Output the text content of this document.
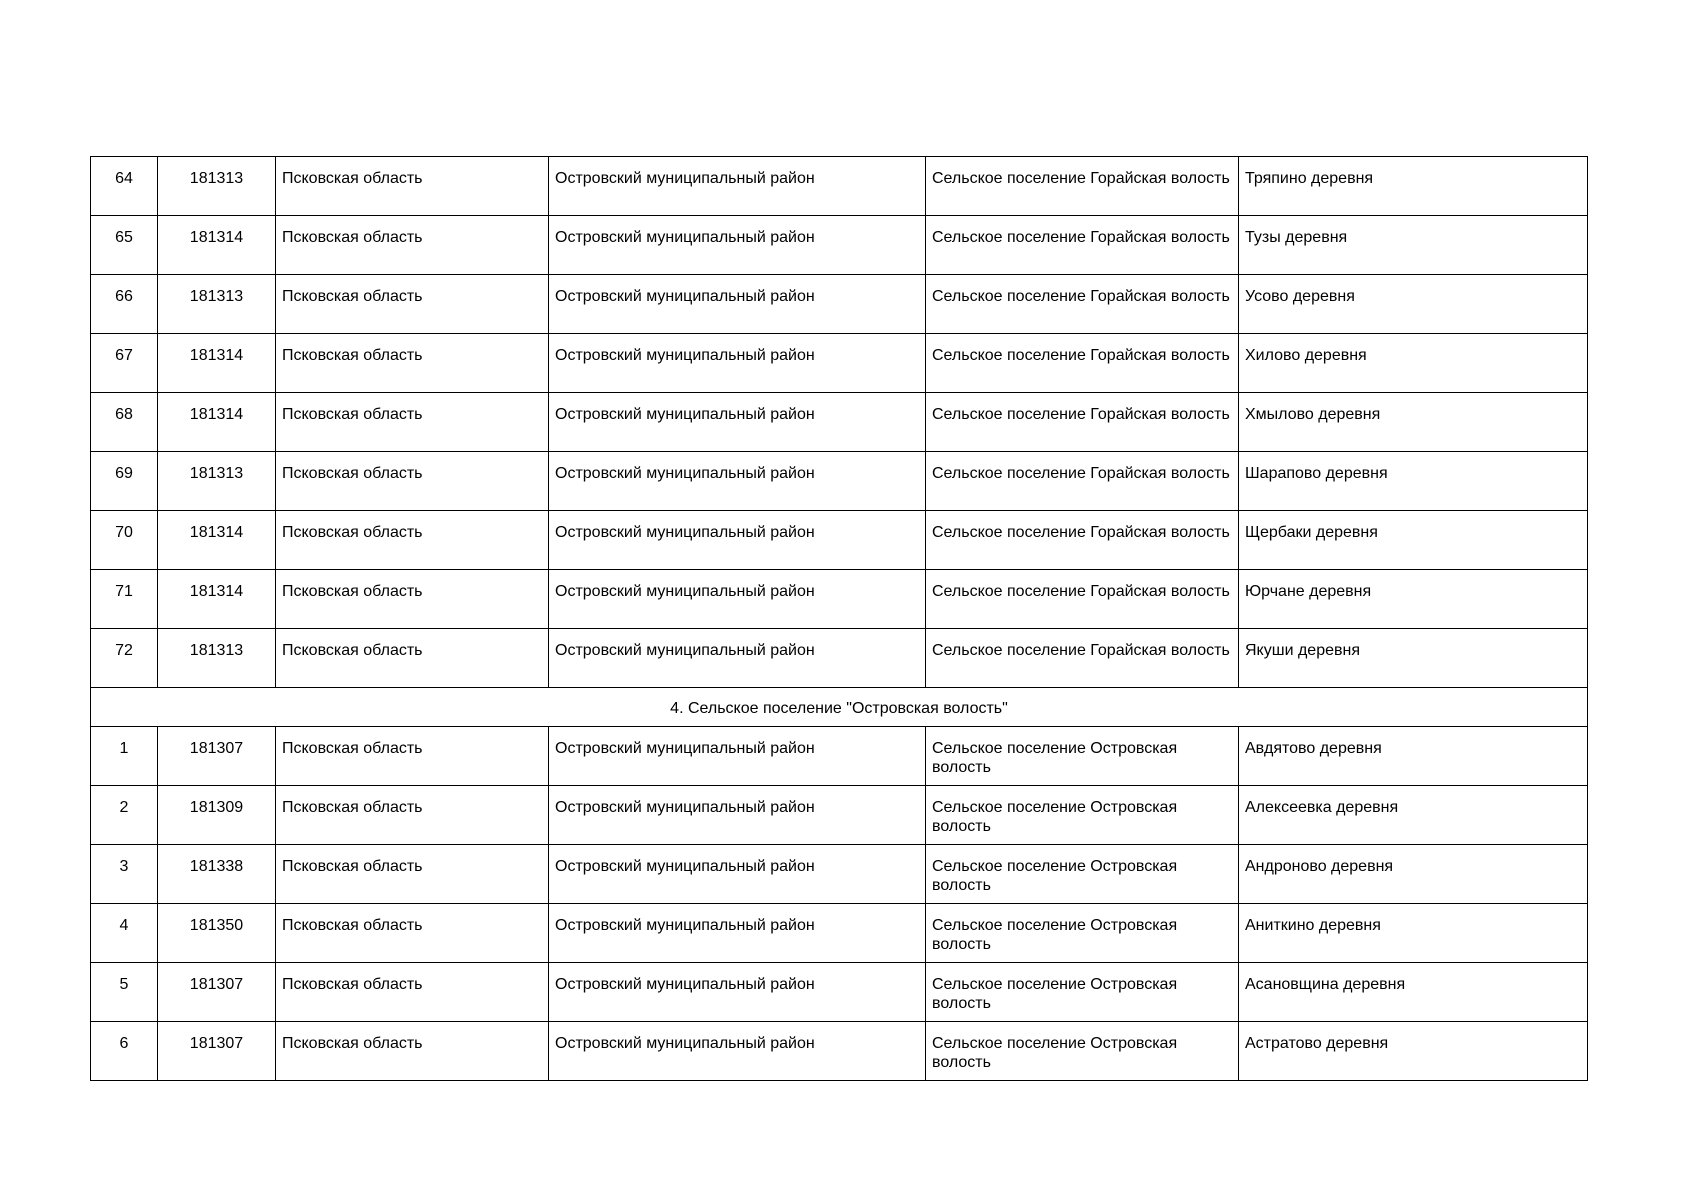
64	181313	Псковская область	Островский муниципальный район	Сельское поселение Горайская волость	Тряпино деревня
65	181314	Псковская область	Островский муниципальный район	Сельское поселение Горайская волость	Тузы деревня
66	181313	Псковская область	Островский муниципальный район	Сельское поселение Горайская волость	Усово деревня
67	181314	Псковская область	Островский муниципальный район	Сельское поселение Горайская волость	Хилово деревня
68	181314	Псковская область	Островский муниципальный район	Сельское поселение Горайская волость	Хмылово деревня
69	181313	Псковская область	Островский муниципальный район	Сельское поселение Горайская волость	Шарапово деревня
70	181314	Псковская область	Островский муниципальный район	Сельское поселение Горайская волость	Щербаки деревня
71	181314	Псковская область	Островский муниципальный район	Сельское поселение Горайская волость	Юрчане деревня
72	181313	Псковская область	Островский муниципальный район	Сельское поселение Горайская волость	Якуши деревня
4. Сельское поселение "Островская волость"					
1	181307	Псковская область	Островский муниципальный район	Сельское поселение Островская волость	Авдятово деревня
2	181309	Псковская область	Островский муниципальный район	Сельское поселение Островская волость	Алексеевка деревня
3	181338	Псковская область	Островский муниципальный район	Сельское поселение Островская волость	Андроново деревня
4	181350	Псковская область	Островский муниципальный район	Сельское поселение Островская волость	Аниткино деревня
5	181307	Псковская область	Островский муниципальный район	Сельское поселение Островская волость	Асановщина деревня
6	181307	Псковская область	Островский муниципальный район	Сельское поселение Островская волость	Астратово деревня
